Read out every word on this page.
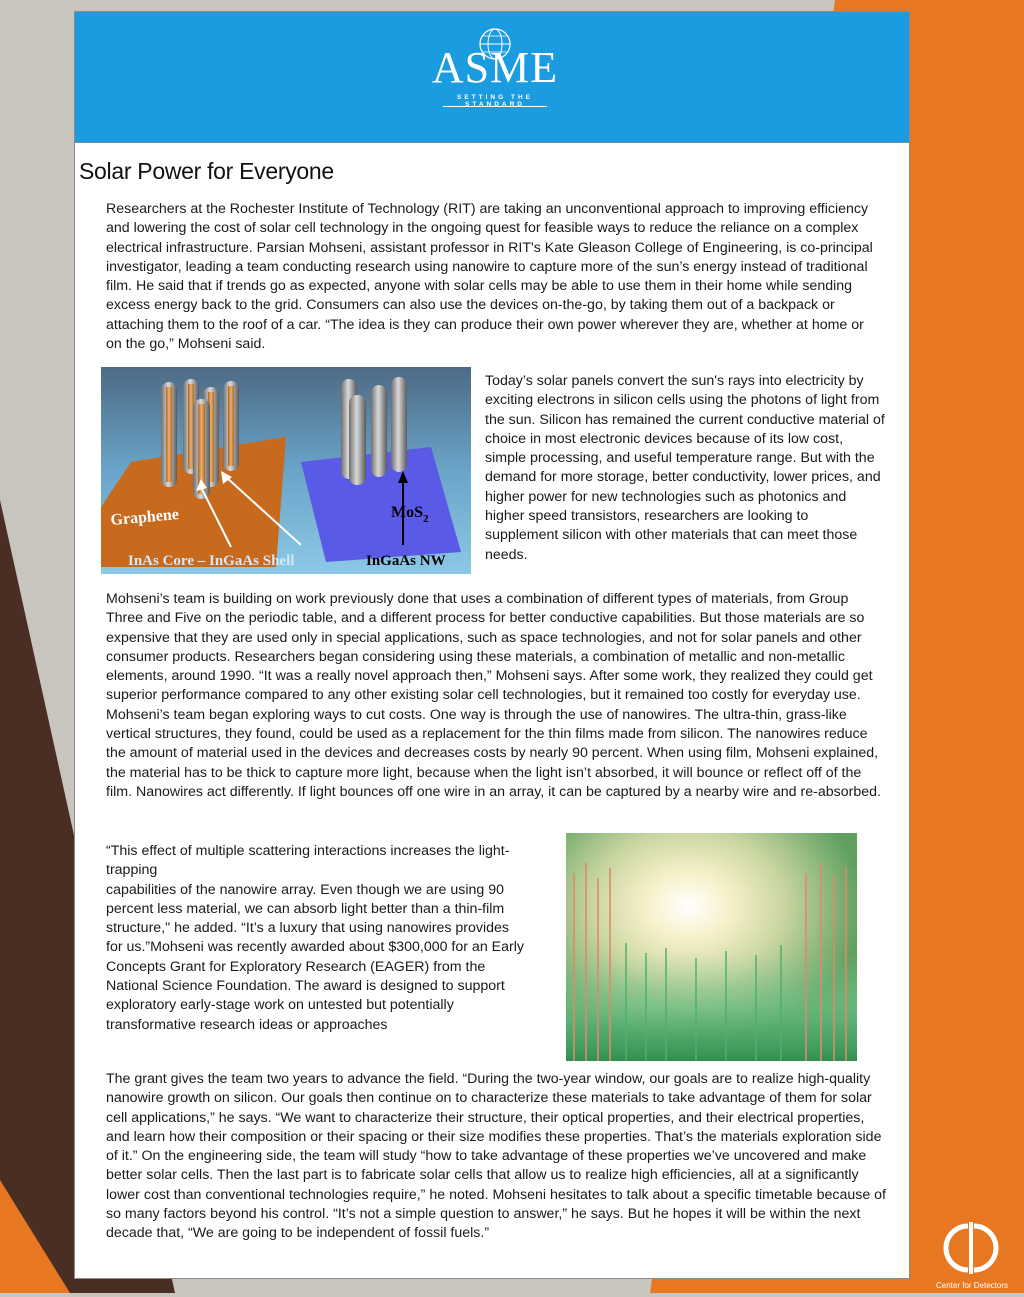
ASME
SETTING THE STANDARD
Solar Power for Everyone

Researchers at the Rochester Institute of Technology (RIT) are taking an unconventional approach to improving efficiency and lowering the cost of solar cell technology in the ongoing quest for feasible ways to reduce the reliance on a complex electrical infrastructure. Parsian Mohseni, assistant professor in RIT's Kate Gleason College of Engineering, is co-principal investigator, leading a team conducting research using nanowire to capture more of the sun’s energy instead of traditional film. He said that if trends go as expected, anyone with solar cells may be able to use them in their home while sending excess energy back to the grid. Consumers can also use the devices on-the-go, by taking them out of a backpack or attaching them to the roof of a car. “The idea is they can produce their own power wherever they are, whether at home or on the go,” Mohseni said.

Graphene	MoS$_2$
InAs Core – InGaAs Shell	InGaAs NW

Today’s solar panels convert the sun's rays into electricity by exciting electrons in silicon cells using the photons of light from the sun. Silicon has remained the current conductive material of choice in most electronic devices because of its low cost, simple processing, and useful temperature range. But with the demand for more storage, better conductivity, lower prices, and higher power for new technologies such as photonics and higher speed transistors, researchers are looking to supplement silicon with other materials that can meet those needs.

Mohseni’s team is building on work previously done that uses a combination of different types of materials, from Group Three and Five on the periodic table, and a different process for better conductive capabilities. But those materials are so expensive that they are used only in special applications, such as space technologies, and not for solar panels and other consumer products. Researchers began considering using these materials, a combination of metallic and non-metallic elements, around 1990. “It was a really novel approach then,” Mohseni says. After some work, they realized they could get superior performance compared to any other existing solar cell technologies, but it remained too costly for everyday use. Mohseni’s team began exploring ways to cut costs. One way is through the use of nanowires. The ultra-thin, grass-like vertical structures, they found, could be used as a replacement for the thin films made from silicon. The nanowires reduce the amount of material used in the devices and decreases costs by nearly 90 percent. When using film, Mohseni explained, the material has to be thick to capture more light, because when the light isn’t absorbed, it will bounce or reflect off of the film. Nanowires act differently. If light bounces off one wire in an array, it can be captured by a nearby wire and re-absorbed.

“This effect of multiple scattering interactions increases the light-trapping
capabilities of the nanowire array. Even though we are using 90 percent less material, we can absorb light better than a thin-film structure," he added. “It’s a luxury that using nanowires provides for us.”Mohseni was recently awarded about $300,000 for an Early Concepts Grant for Exploratory Research (EAGER) from the National Science Foundation. The award is designed to support exploratory early-stage work on untested but potentially transformative research ideas or approaches

The grant gives the team two years to advance the field. “During the two-year window, our goals are to realize high-quality nanowire growth on silicon. Our goals then continue on to characterize these materials to take advantage of them for solar cell applications,” he says. “We want to characterize their structure, their optical properties, and their electrical properties, and learn how their composition or their spacing or their size modifies these properties. That’s the materials exploration side of it.” On the engineering side, the team will study “how to take advantage of these properties we’ve uncovered and make better solar cells. Then the last part is to fabricate solar cells that allow us to realize high efficiencies, all at a significantly lower cost than conventional technologies require,” he noted. Mohseni hesitates to talk about a specific timetable because of so many factors beyond his control. “It’s not a simple question to answer,” he says. But he hopes it will be within the next decade that, “We are going to be independent of fossil fuels.”

Center for Detectors
